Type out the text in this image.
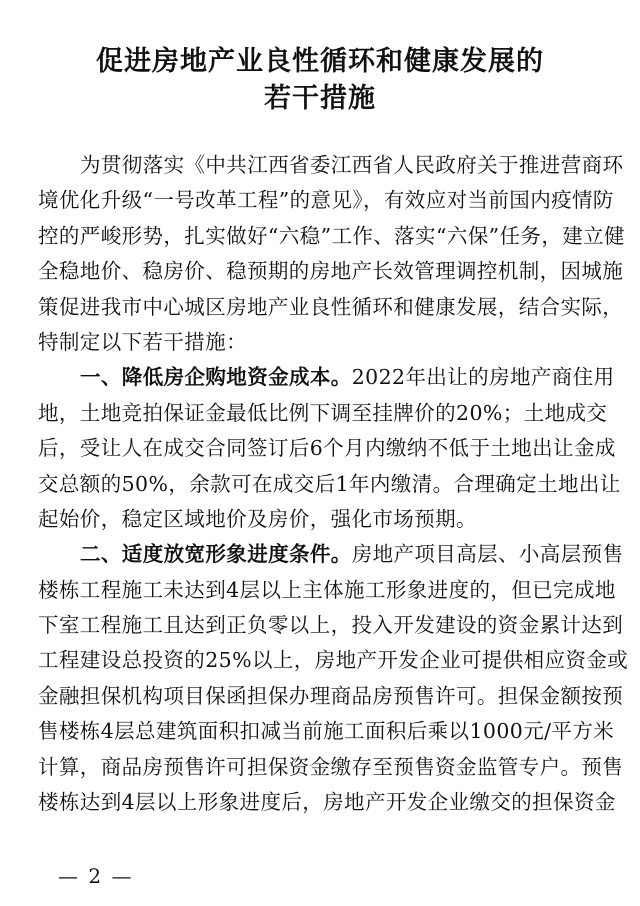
促进房地产业良性循环和健康发展的
若干措施
为贯彻落实《中共江西省委江西省人民政府关于推进营商环
境优化升级“一号改革工程”的意见》，有效应对当前国内疫情防
控的严峻形势，扎实做好“六稳”工作、落实“六保”任务，建立健
全稳地价、稳房价、稳预期的房地产长效管理调控机制，因城施
策促进我市中心城区房地产业良性循环和健康发展，结合实际，
特制定以下若干措施：
一、降低房企购地资金成本。2022年出让的房地产商住用
地，土地竞拍保证金最低比例下调至挂牌价的20%；土地成交
后，受让人在成交合同签订后6个月内缴纳不低于土地出让金成
交总额的50%，余款可在成交后1年内缴清。合理确定土地出让
起始价，稳定区域地价及房价，强化市场预期。
二、适度放宽形象进度条件。房地产项目高层、小高层预售
楼栋工程施工未达到4层以上主体施工形象进度的，但已完成地
下室工程施工且达到正负零以上，投入开发建设的资金累计达到
工程建设总投资的25%以上，房地产开发企业可提供相应资金或
金融担保机构项目保函担保办理商品房预售许可。担保金额按预
售楼栋4层总建筑面积扣减当前施工面积后乘以1000元/平方米
计算，商品房预售许可担保资金缴存至预售资金监管专户。预售
楼栋达到4层以上形象进度后，房地产开发企业缴交的担保资金
— 2 —
